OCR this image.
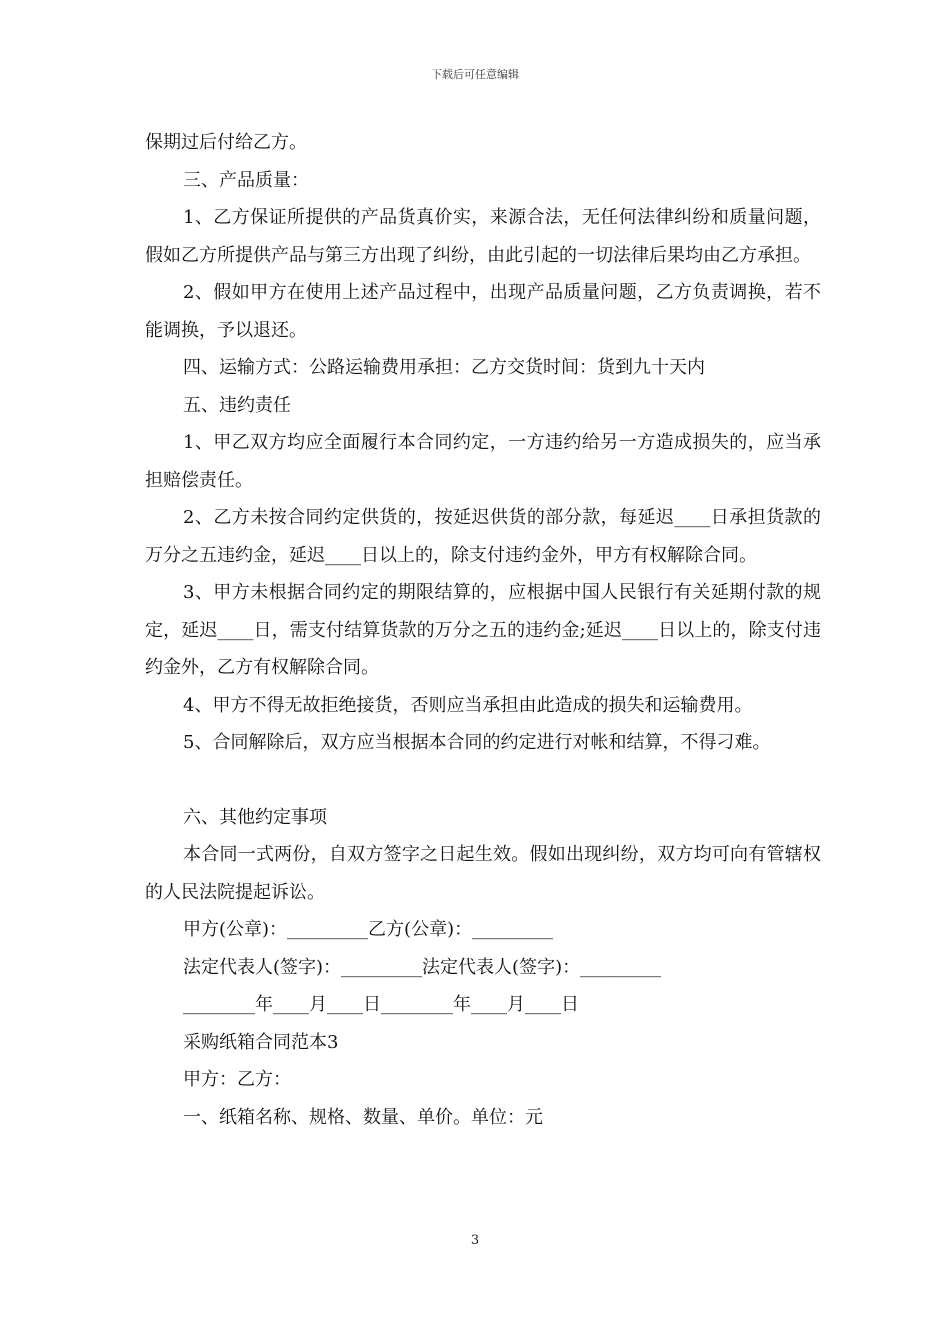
下载后可任意编辑

保期过后付给乙方。

三、产品质量：

1、乙方保证所提供的产品货真价实，来源合法，无任何法律纠纷和质量问题，假如乙方所提供产品与第三方出现了纠纷，由此引起的一切法律后果均由乙方承担。

2、假如甲方在使用上述产品过程中，出现产品质量问题，乙方负责调换，若不能调换，予以退还。

四、运输方式：公路运输费用承担：乙方交货时间：货到九十天内

五、违约责任

1、甲乙双方均应全面履行本合同约定，一方违约给另一方造成损失的，应当承担赔偿责任。

2、乙方未按合同约定供货的，按延迟供货的部分款，每延迟____日承担货款的万分之五违约金，延迟____日以上的，除支付违约金外，甲方有权解除合同。

3、甲方未根据合同约定的期限结算的，应根据中国人民银行有关延期付款的规定，延迟____日，需支付结算货款的万分之五的违约金;延迟____日以上的，除支付违约金外，乙方有权解除合同。

4、甲方不得无故拒绝接货，否则应当承担由此造成的损失和运输费用。

5、合同解除后，双方应当根据本合同的约定进行对帐和结算，不得刁难。

六、其他约定事项

本合同一式两份，自双方签字之日起生效。假如出现纠纷，双方均可向有管辖权的人民法院提起诉讼。

甲方(公章)：_________乙方(公章)：_________

法定代表人(签字)：_________法定代表人(签字)：_________

________年____月____日________年____月____日

采购纸箱合同范本3

甲方：乙方：

一、纸箱名称、规格、数量、单价。单位：元

3
